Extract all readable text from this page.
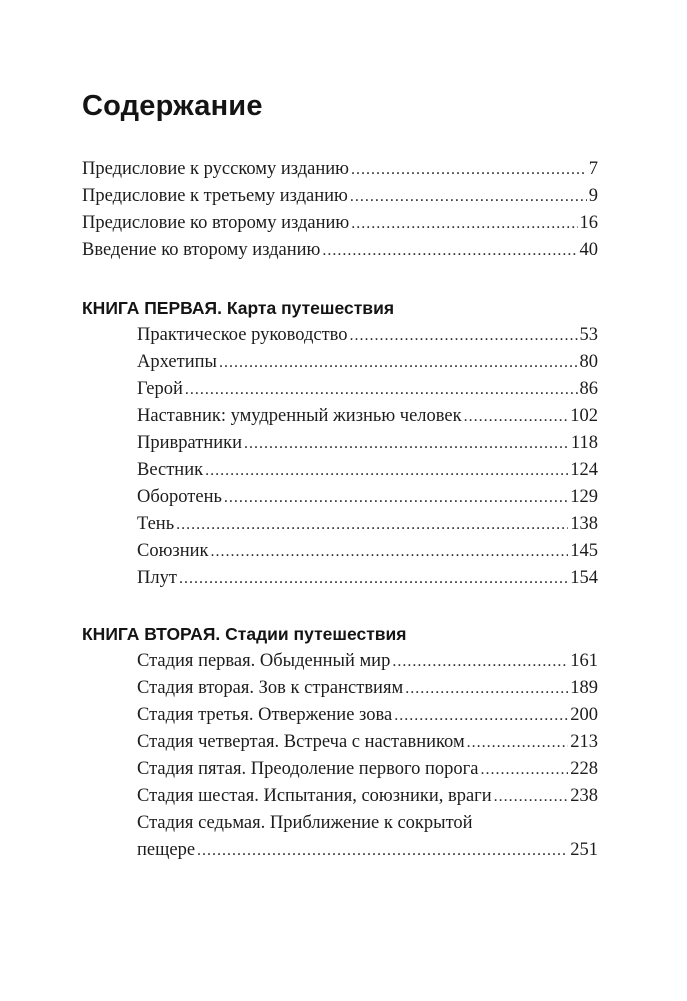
Содержание
Предисловие к русскому изданию .....	7
Предисловие к третьему изданию .....	9
Предисловие ко второму изданию .....	16
Введение ко второму изданию .....	40
КНИГА ПЕРВАЯ. Карта путешествия
Практическое руководство .....	53
Архетипы .....	80
Герой .....	86
Наставник: умудренный жизнью человек .....	102
Привратники .....	118
Вестник .....	124
Оборотень .....	129
Тень .....	138
Союзник .....	145
Плут .....	154
КНИГА ВТОРАЯ. Стадии путешествия
Стадия первая. Обыденный мир .....	161
Стадия вторая. Зов к странствиям .....	189
Стадия третья. Отвержение зова .....	200
Стадия четвертая. Встреча с наставником .....	213
Стадия пятая. Преодоление первого порога .....	228
Стадия шестая. Испытания, союзники, враги .....	238
Стадия седьмая. Приближение к сокрытой
пещере .....	251
